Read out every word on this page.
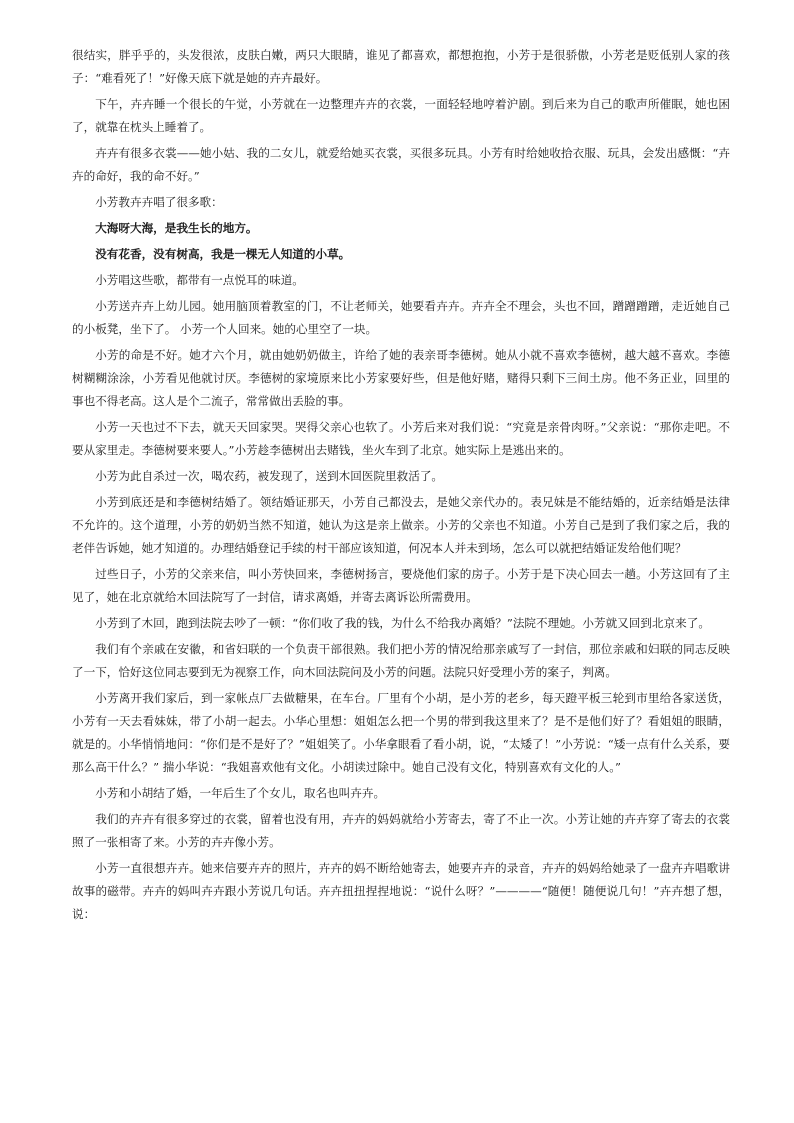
很结实，胖乎乎的，头发很浓，皮肤白嫩，两只大眼睛，谁见了都喜欢，都想抱抱，小芳于是很骄傲，小芳老是贬低别人家的孩子：“难看死了！”好像天底下就是她的卉卉最好。

下午，卉卉睡一个很长的午觉，小芳就在一边整理卉卉的衣裳，一面轻轻地哼着沪剧。到后来为自己的歌声所催眠，她也困了，就靠在枕头上睡着了。

卉卉有很多衣裳——她小姑、我的二女儿，就爱给她买衣裳，买很多玩具。小芳有时给她收拾衣服、玩具，会发出感慨：“卉卉的命好，我的命不好。”

小芳教卉卉唱了很多歌：

大海呀大海，是我生长的地方。

没有花香，没有树高，我是一棵无人知道的小草。

小芳唱这些歌，都带有一点悦耳的味道。

小芳送卉卉上幼儿园。她用脑顶着教室的门，不让老师关，她要看卉卉。卉卉全不理会，头也不回，蹭蹭蹭蹭，走近她自己的小板凳，坐下了。 小芳一个人回来。她的心里空了一块。

小芳的命是不好。她才六个月，就由她奶奶做主，许给了她的表亲哥李德树。她从小就不喜欢李德树，越大越不喜欢。李德树糊糊涂涂，小芳看见他就讨厌。李德树的家境原来比小芳家要好些，但是他好赌，赌得只剩下三间土房。他不务正业，回里的事也不得老高。这人是个二流子，常常做出丢脸的事。

小芳一天也过不下去，就天天回家哭。哭得父亲心也软了。小芳后来对我们说：“究竟是亲骨肉呀。”父亲说：“那你走吧。不要从家里走。李德树要来要人。”小芳趁李德树出去赌钱，坐火车到了北京。她实际上是逃出来的。

小芳为此自杀过一次，喝农药，被发现了，送到木回医院里救活了。

小芳到底还是和李德树结婚了。领结婚证那天，小芳自己都没去，是她父亲代办的。表兄妹是不能结婚的，近亲结婚是法律不允许的。这个道理，小芳的奶奶当然不知道，她认为这是亲上做亲。小芳的父亲也不知道。小芳自己是到了我们家之后，我的老伴告诉她，她才知道的。办理结婚登记手续的村干部应该知道，何况本人并未到场，怎么可以就把结婚证发给他们呢？

过些日子，小芳的父亲来信，叫小芳快回来，李德树扬言，要烧他们家的房子。小芳于是下决心回去一趟。小芳这回有了主见了，她在北京就给木回法院写了一封信，请求离婚，并寄去离诉讼所需费用。

小芳到了木回，跑到法院去吵了一顿：“你们收了我的钱，为什么不给我办离婚？”法院不理她。小芳就又回到北京来了。

我们有个亲戚在安徽，和省妇联的一个负责干部很熟。我们把小芳的情况给那亲戚写了一封信，那位亲戚和妇联的同志反映了一下，恰好这位同志要到无为视察工作，向木回法院问及小芳的问题。法院只好受理小芳的案子，判离。

小芳离开我们家后，到一家帐点厂去做糖果，在车台。厂里有个小胡，是小芳的老乡，每天蹬平板三轮到市里给各家送货，小芳有一天去看妹妹，带了小胡一起去。小华心里想：姐姐怎么把一个男的带到我这里来了？是不是他们好了？看姐姐的眼睛，就是的。小华悄悄地问：“你们是不是好了？”姐姐笑了。小华拿眼看了看小胡，说，“太矮了！”小芳说：“矮一点有什么关系，要那么高干什么？” 揣小华说：“我姐喜欢他有文化。小胡读过除中。她自己没有文化，特别喜欢有文化的人。”

小芳和小胡结了婚，一年后生了个女儿，取名也叫卉卉。

我们的卉卉有很多穿过的衣裳，留着也没有用，卉卉的妈妈就给小芳寄去，寄了不止一次。小芳让她的卉卉穿了寄去的衣裳照了一张相寄了来。小芳的卉卉像小芳。

小芳一直很想卉卉。她来信要卉卉的照片，卉卉的妈不断给她寄去，她要卉卉的录音，卉卉的妈妈给她录了一盘卉卉唱歌讲故事的磁带。卉卉的妈叫卉卉跟小芳说几句话。卉卉扭扭捏捏地说：“说什么呀？”————“随便！随便说几句！”卉卉想了想，说：
